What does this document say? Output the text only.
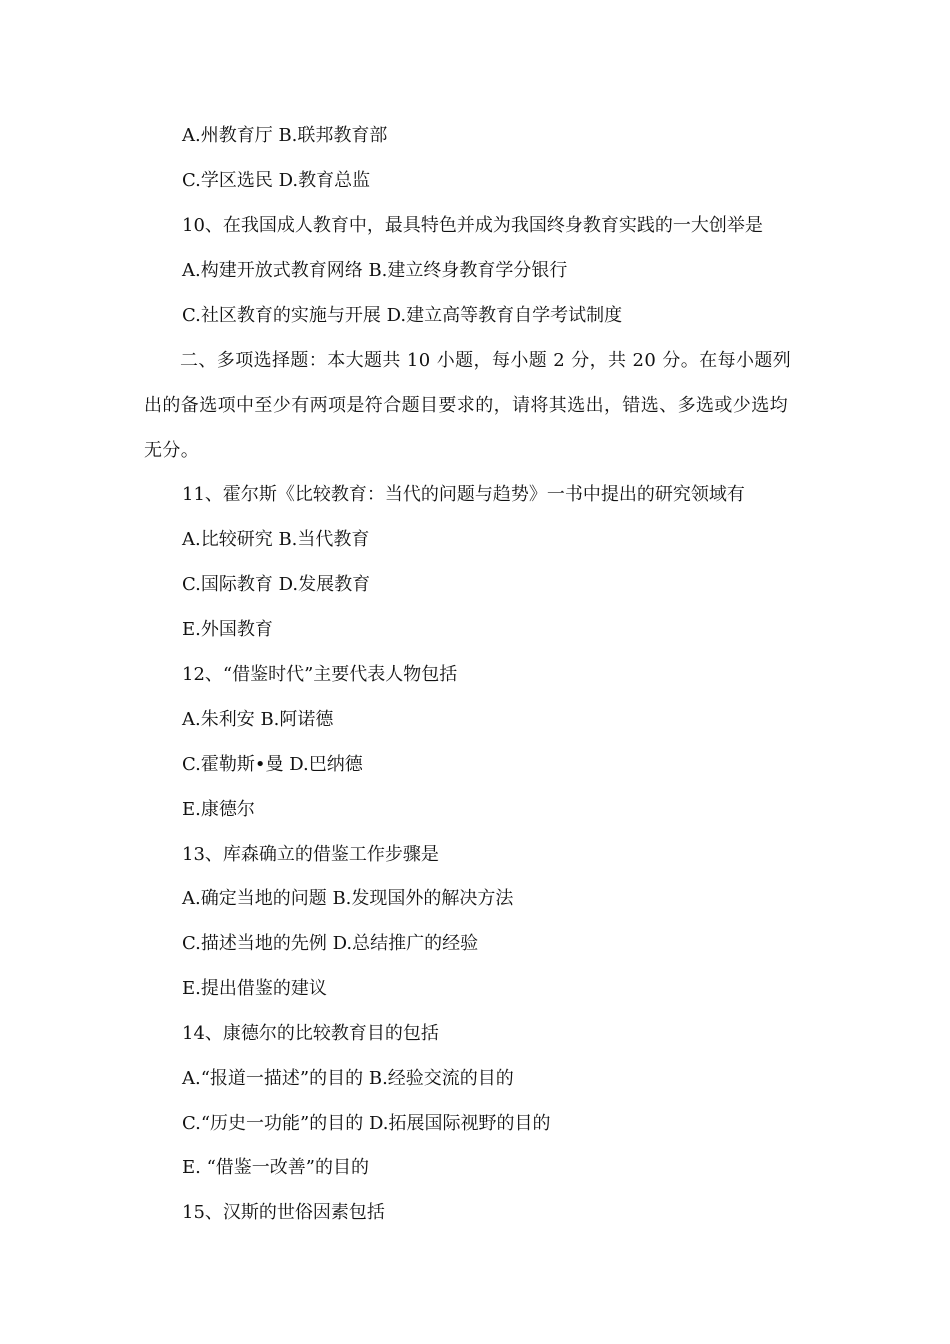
A.州教育厅 B.联邦教育部
C.学区选民 D.教育总监
10、在我国成人教育中，最具特色并成为我国终身教育实践的一大创举是
A.构建开放式教育网络 B.建立终身教育学分银行
C.社区教育的实施与开展 D.建立高等教育自学考试制度
二、多项选择题：本大题共 10 小题，每小题 2 分，共 20 分。在每小题列出的备选项中至少有两项是符合题目要求的，请将其选出，错选、多选或少选均无分。
11、霍尔斯《比较教育：当代的问题与趋势》一书中提出的研究领域有
A.比较研究 B.当代教育
C.国际教育 D.发展教育
E.外国教育
12、“借鉴时代”主要代表人物包括
A.朱利安 B.阿诺德
C.霍勒斯•曼 D.巴纳德
E.康德尔
13、库森确立的借鉴工作步骤是
A.确定当地的问题 B.发现国外的解决方法
C.描述当地的先例 D.总结推广的经验
E.提出借鉴的建议
14、康德尔的比较教育目的包括
A.“报道一描述”的目的 B.经验交流的目的
C.“历史一功能”的目的 D.拓展国际视野的目的
E. “借鉴一改善”的目的
15、汉斯的世俗因素包括
